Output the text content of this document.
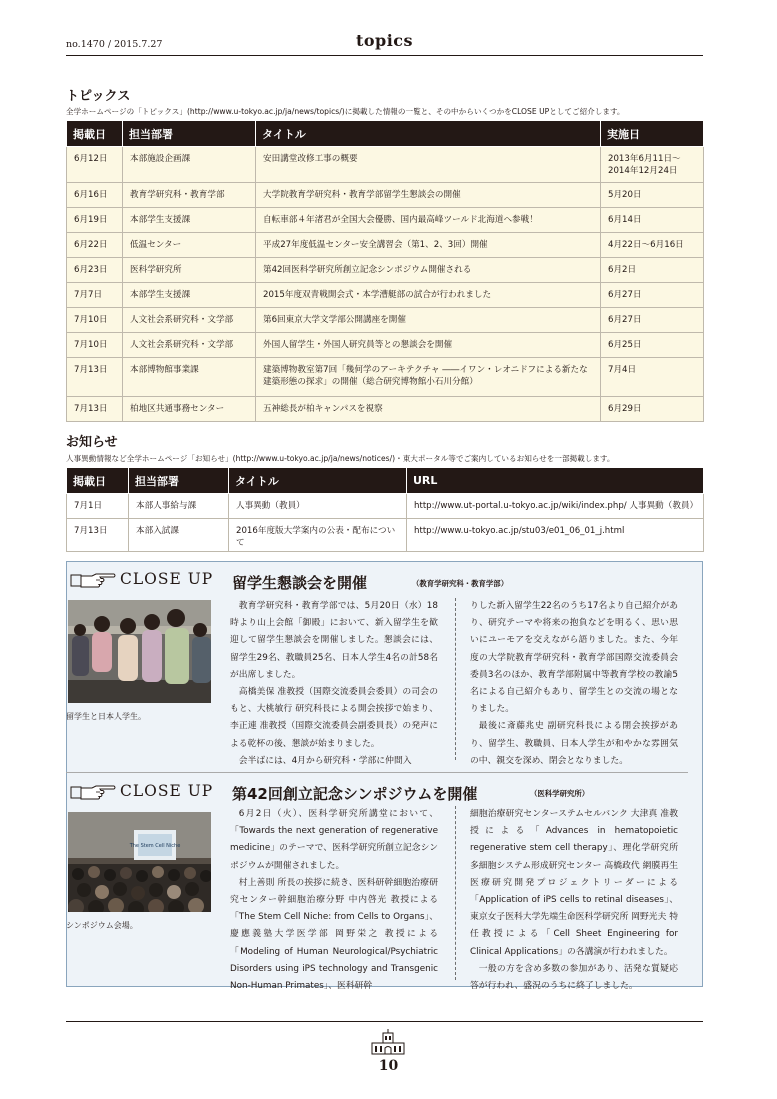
no.1470 / 2015.7.27	topics
トピックス
全学ホームページの「トピックス」(http://www.u-tokyo.ac.jp/ja/news/topics/)に掲載した情報の一覧と、その中からいくつかをCLOSE UPとしてご紹介します。
掲載日	担当部署	タイトル	実施日
6月12日	本部施設企画課	安田講堂改修工事の概要	2013年6月11日～2014年12月24日
6月16日	教育学研究科・教育学部	大学院教育学研究科・教育学部留学生懇談会の開催	5月20日
6月19日	本部学生支援課	自転車部４年渚君が全国大会優勝、国内最高峰ツールド北海道へ参戦！	6月14日
6月22日	低温センター	平成27年度低温センター安全講習会（第1、2、3回）開催	4月22日～6月16日
6月23日	医科学研究所	第42回医科学研究所創立記念シンポジウム開催される	6月2日
7月7日	本部学生支援課	2015年度双青戦開会式・本学漕艇部の試合が行われました	6月27日
7月10日	人文社会系研究科・文学部	第6回東京大学文学部公開講座を開催	6月27日
7月10日	人文社会系研究科・文学部	外国人留学生・外国人研究員等との懇談会を開催	6月25日
7月13日	本部博物館事業課	建築博物教室第7回「幾何学のアーキテクチャ ――イワン・レオニドフによる新たな建築形態の探求」の開催（総合研究博物館小石川分館）	7月4日
7月13日	柏地区共通事務センター	五神総長が柏キャンパスを視察	6月29日
お知らせ
人事異動情報など全学ホームページ「お知らせ」(http://www.u-tokyo.ac.jp/ja/news/notices/)・東大ポータル等でご案内しているお知らせを一部掲載します。
掲載日	担当部署	タイトル	URL
7月1日	本部人事給与課	人事異動（教員）	http://www.ut-portal.u-tokyo.ac.jp/wiki/index.php/ 人事異動（教員）
7月13日	本部入試課	2016年度版大学案内の公表・配布について	http://www.u-tokyo.ac.jp/stu03/e01_06_01_j.html
CLOSE UP 留学生懇談会を開催	（教育学研究科・教育学部）
留学生と日本人学生。

教育学研究科・教育学部では、5月20日（水）18時より山上会館「御殿」において、新入留学生を歓迎して留学生懇談会を開催しました。懇談会には、留学生29名、教職員25名、日本人学生4名の計58名が出席しました。

高橋美保 准教授（国際交流委員会委員）の司会のもと、大桃敏行 研究科長による開会挨拶で始まり、李正連 准教授（国際交流委員会副委員長）の発声による乾杯の後、懇談が始まりました。

会半ばには、4月から研究科・学部に仲間入

りした新入留学生22名のうち17名より自己紹介があり、研究テーマや将来の抱負などを明るく、思い思いにユーモアを交えながら語りました。また、今年度の大学院教育学研究科・教育学部国際交流委員会委員3名のほか、教育学部附属中等教育学校の教諭5名による自己紹介もあり、留学生との交流の場となりました。

最後に斎藤兆史 副研究科長による閉会挨拶があり、留学生、教職員、日本人学生が和やかな雰囲気の中、親交を深め、閉会となりました。

CLOSE UP 第42回創立記念シンポジウムを開催	（医科学研究所）
The Stem Cell Niche
シンポジウム会場。

6月2日（火）、医科学研究所講堂において、「Towards the next generation of regenerative medicine」のテーマで、医科学研究所創立記念シンポジウムが開催されました。

村上善則 所長の挨拶に続き、医科研幹細胞治療研究センター幹細胞治療分野 中内啓光 教授による「The Stem Cell Niche: from Cells to Organs」、慶應義塾大学医学部 岡野栄之 教授による「Modeling of Human Neurological/Psychiatric Disorders using iPS technology and Transgenic Non-Human Primates」、医科研幹

細胞治療研究センターステムセルバンク 大津真 准教授による「Advances in hematopoietic regenerative stem cell therapy」、理化学研究所 多細胞システム形成研究センター 高橋政代 網膜再生医療研究開発プロジェクトリーダーによる「Application of iPS cells to retinal diseases」、東京女子医科大学先端生命医科学研究所 岡野光夫 特任教授による「Cell Sheet Engineering for Clinical Applications」の各講演が行われました。

一般の方を含め多数の参加があり、活発な質疑応答が行われ、盛況のうちに終了しました。

10
